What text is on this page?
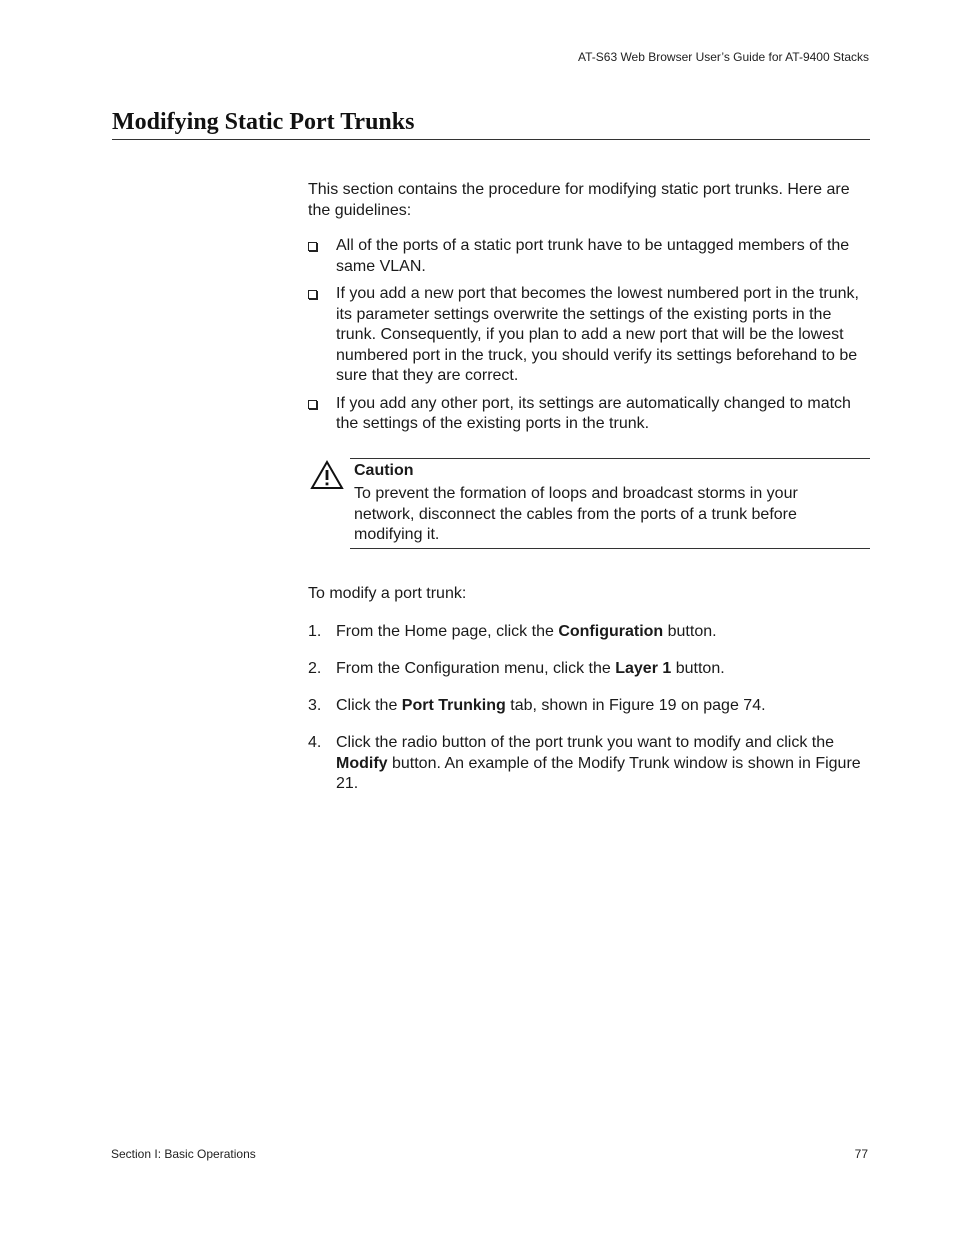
AT-S63 Web Browser User’s Guide for AT-9400 Stacks
Modifying Static Port Trunks

This section contains the procedure for modifying static port trunks. Here are the guidelines:

All of the ports of a static port trunk have to be untagged members of the same VLAN.
If you add a new port that becomes the lowest numbered port in the trunk, its parameter settings overwrite the settings of the existing ports in the trunk. Consequently, if you plan to add a new port that will be the lowest numbered port in the truck, you should verify its settings beforehand to be sure that they are correct.
If you add any other port, its settings are automatically changed to match the settings of the existing ports in the trunk.
Caution
To prevent the formation of loops and broadcast storms in your network, disconnect the cables from the ports of a trunk before modifying it.

To modify a port trunk:

1. From the Home page, click the Configuration button.
2. From the Configuration menu, click the Layer 1 button.
3. Click the Port Trunking tab, shown in Figure 19 on page 74.
4. Click the radio button of the port trunk you want to modify and click the Modify button. An example of the Modify Trunk window is shown in Figure 21.
Section I: Basic Operations	77
